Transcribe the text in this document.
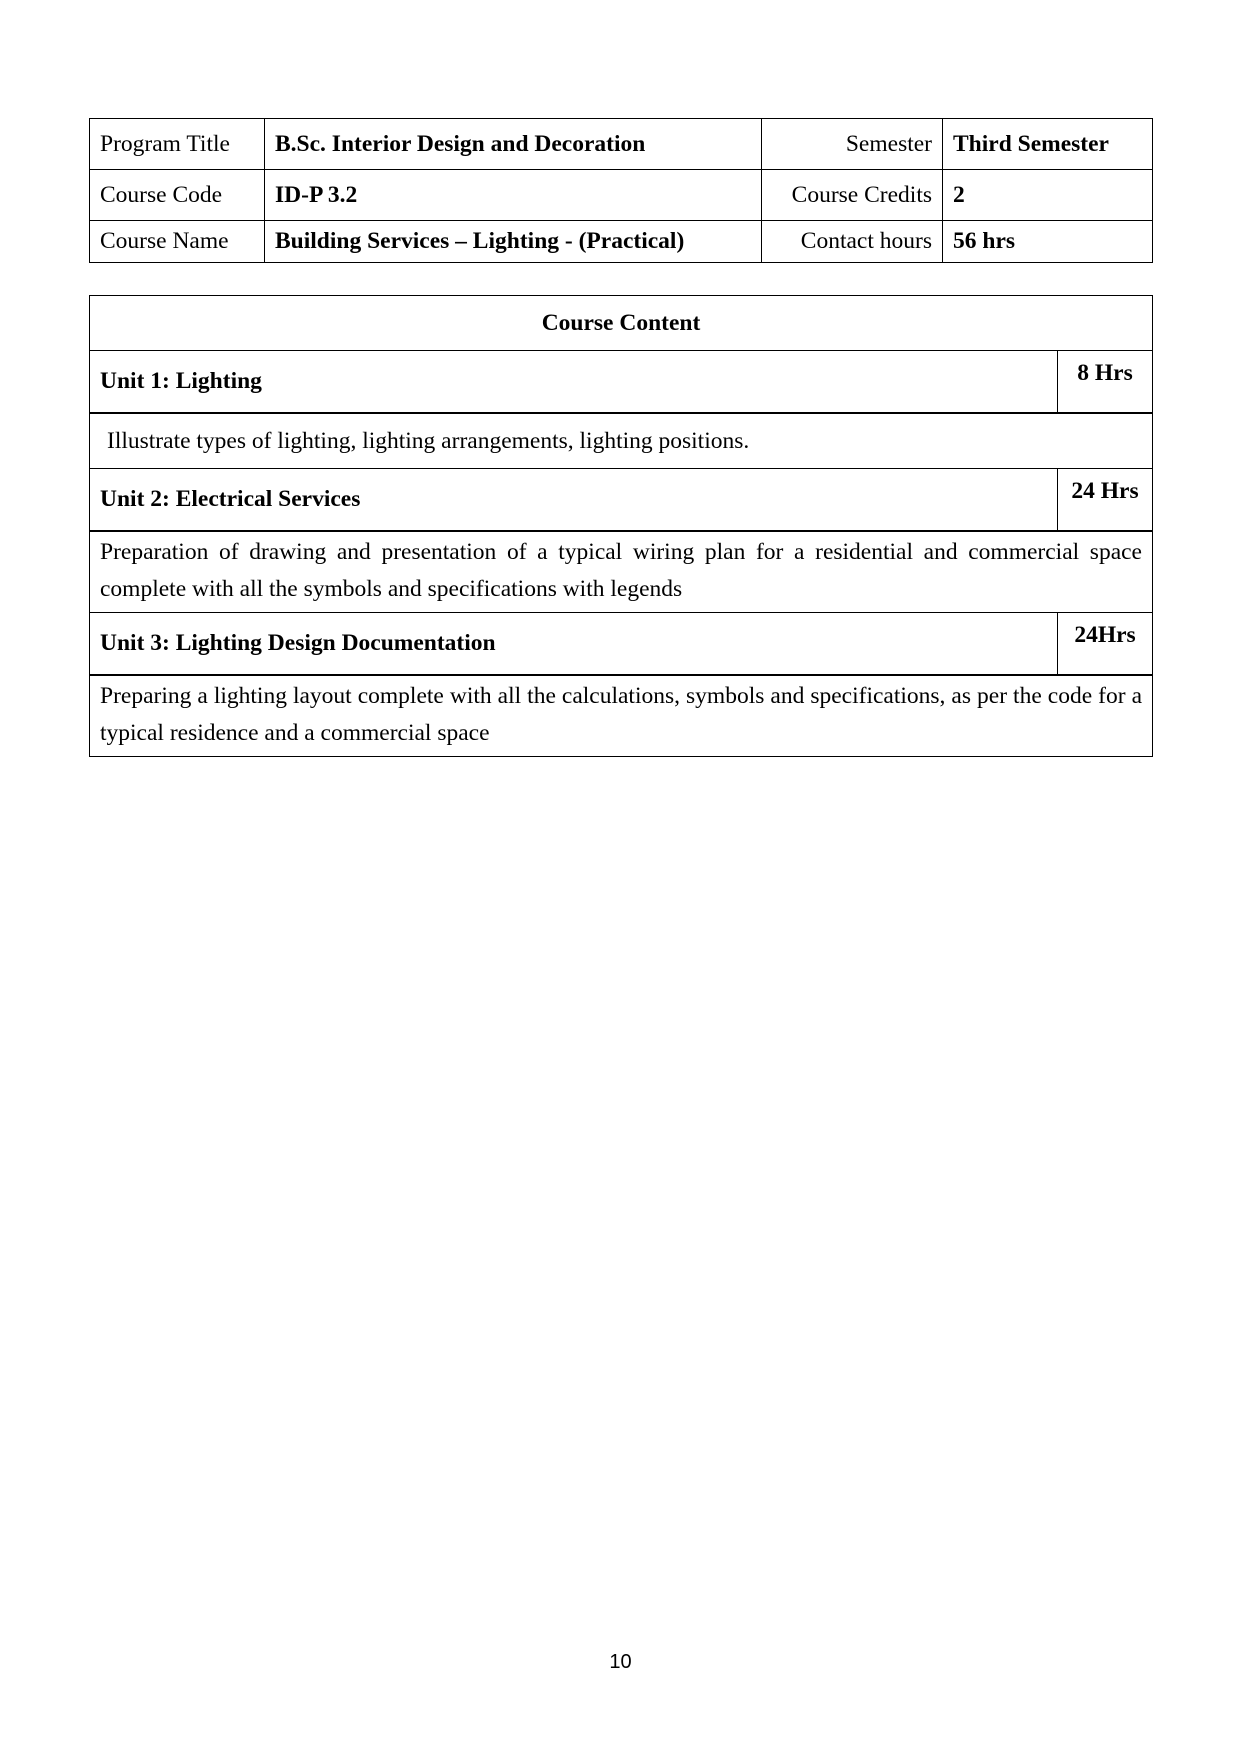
Program Title	B.Sc. Interior Design and Decoration	Semester	Third Semester
Course Code	ID-P 3.2	Course Credits	2
Course Name	Building Services – Lighting - (Practical)	Contact hours	56 hrs
Course Content	
Unit 1: Lighting	8 Hrs
Illustrate types of lighting, lighting arrangements, lighting positions.	
Unit 2: Electrical Services	24 Hrs
Preparation of drawing and presentation of a typical wiring plan for a residential and commercial space complete with all the symbols and specifications with legends	
Unit 3: Lighting Design Documentation	24Hrs
Preparing a lighting layout complete with all the calculations, symbols and specifications, as per the code for a typical residence and a commercial space	
10
